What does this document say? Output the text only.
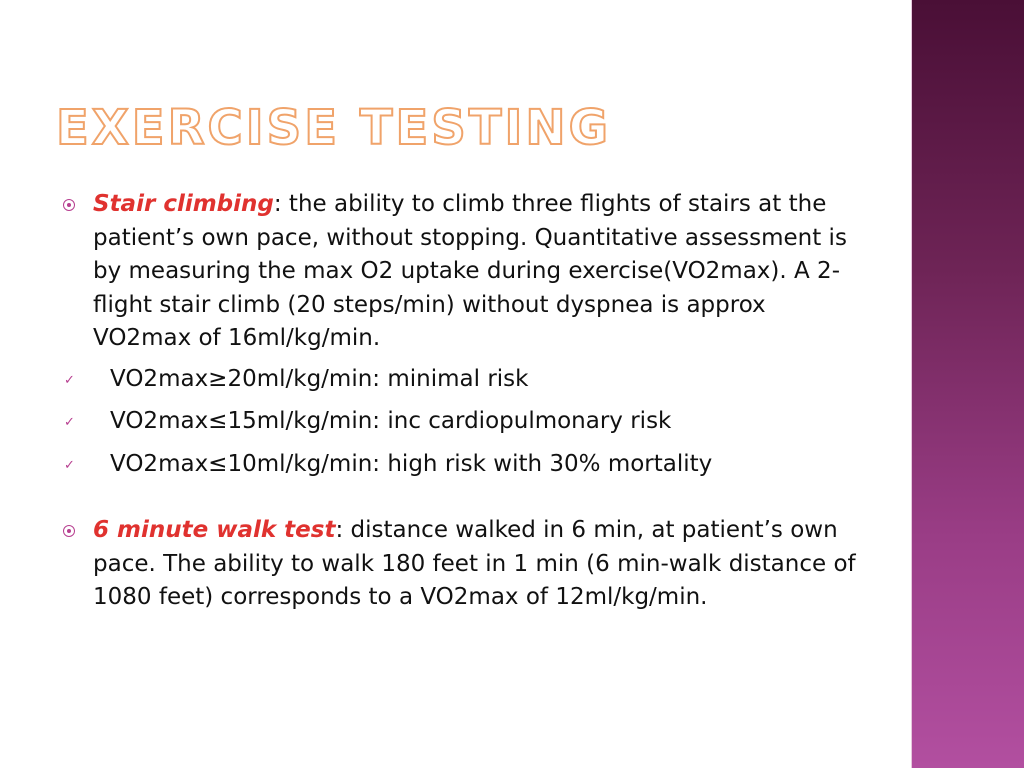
EXERCISE TESTING

Stair climbing: the ability to climb three flights of stairs at the patient’s own pace, without stopping. Quantitative assessment is by measuring the max O2 uptake during exercise(VO2max). A 2-flight stair climb (20 steps/min) without dyspnea is approx VO2max of 16ml/kg/min.

✓ VO2max≥20ml/kg/min: minimal risk
✓ VO2max≤15ml/kg/min: inc cardiopulmonary risk
✓ VO2max≤10ml/kg/min: high risk with 30% mortality

6 minute walk test: distance walked in 6 min, at patient’s own pace. The ability to walk 180 feet in 1 min (6 min-walk distance of 1080 feet) corresponds to a VO2max of 12ml/kg/min.
